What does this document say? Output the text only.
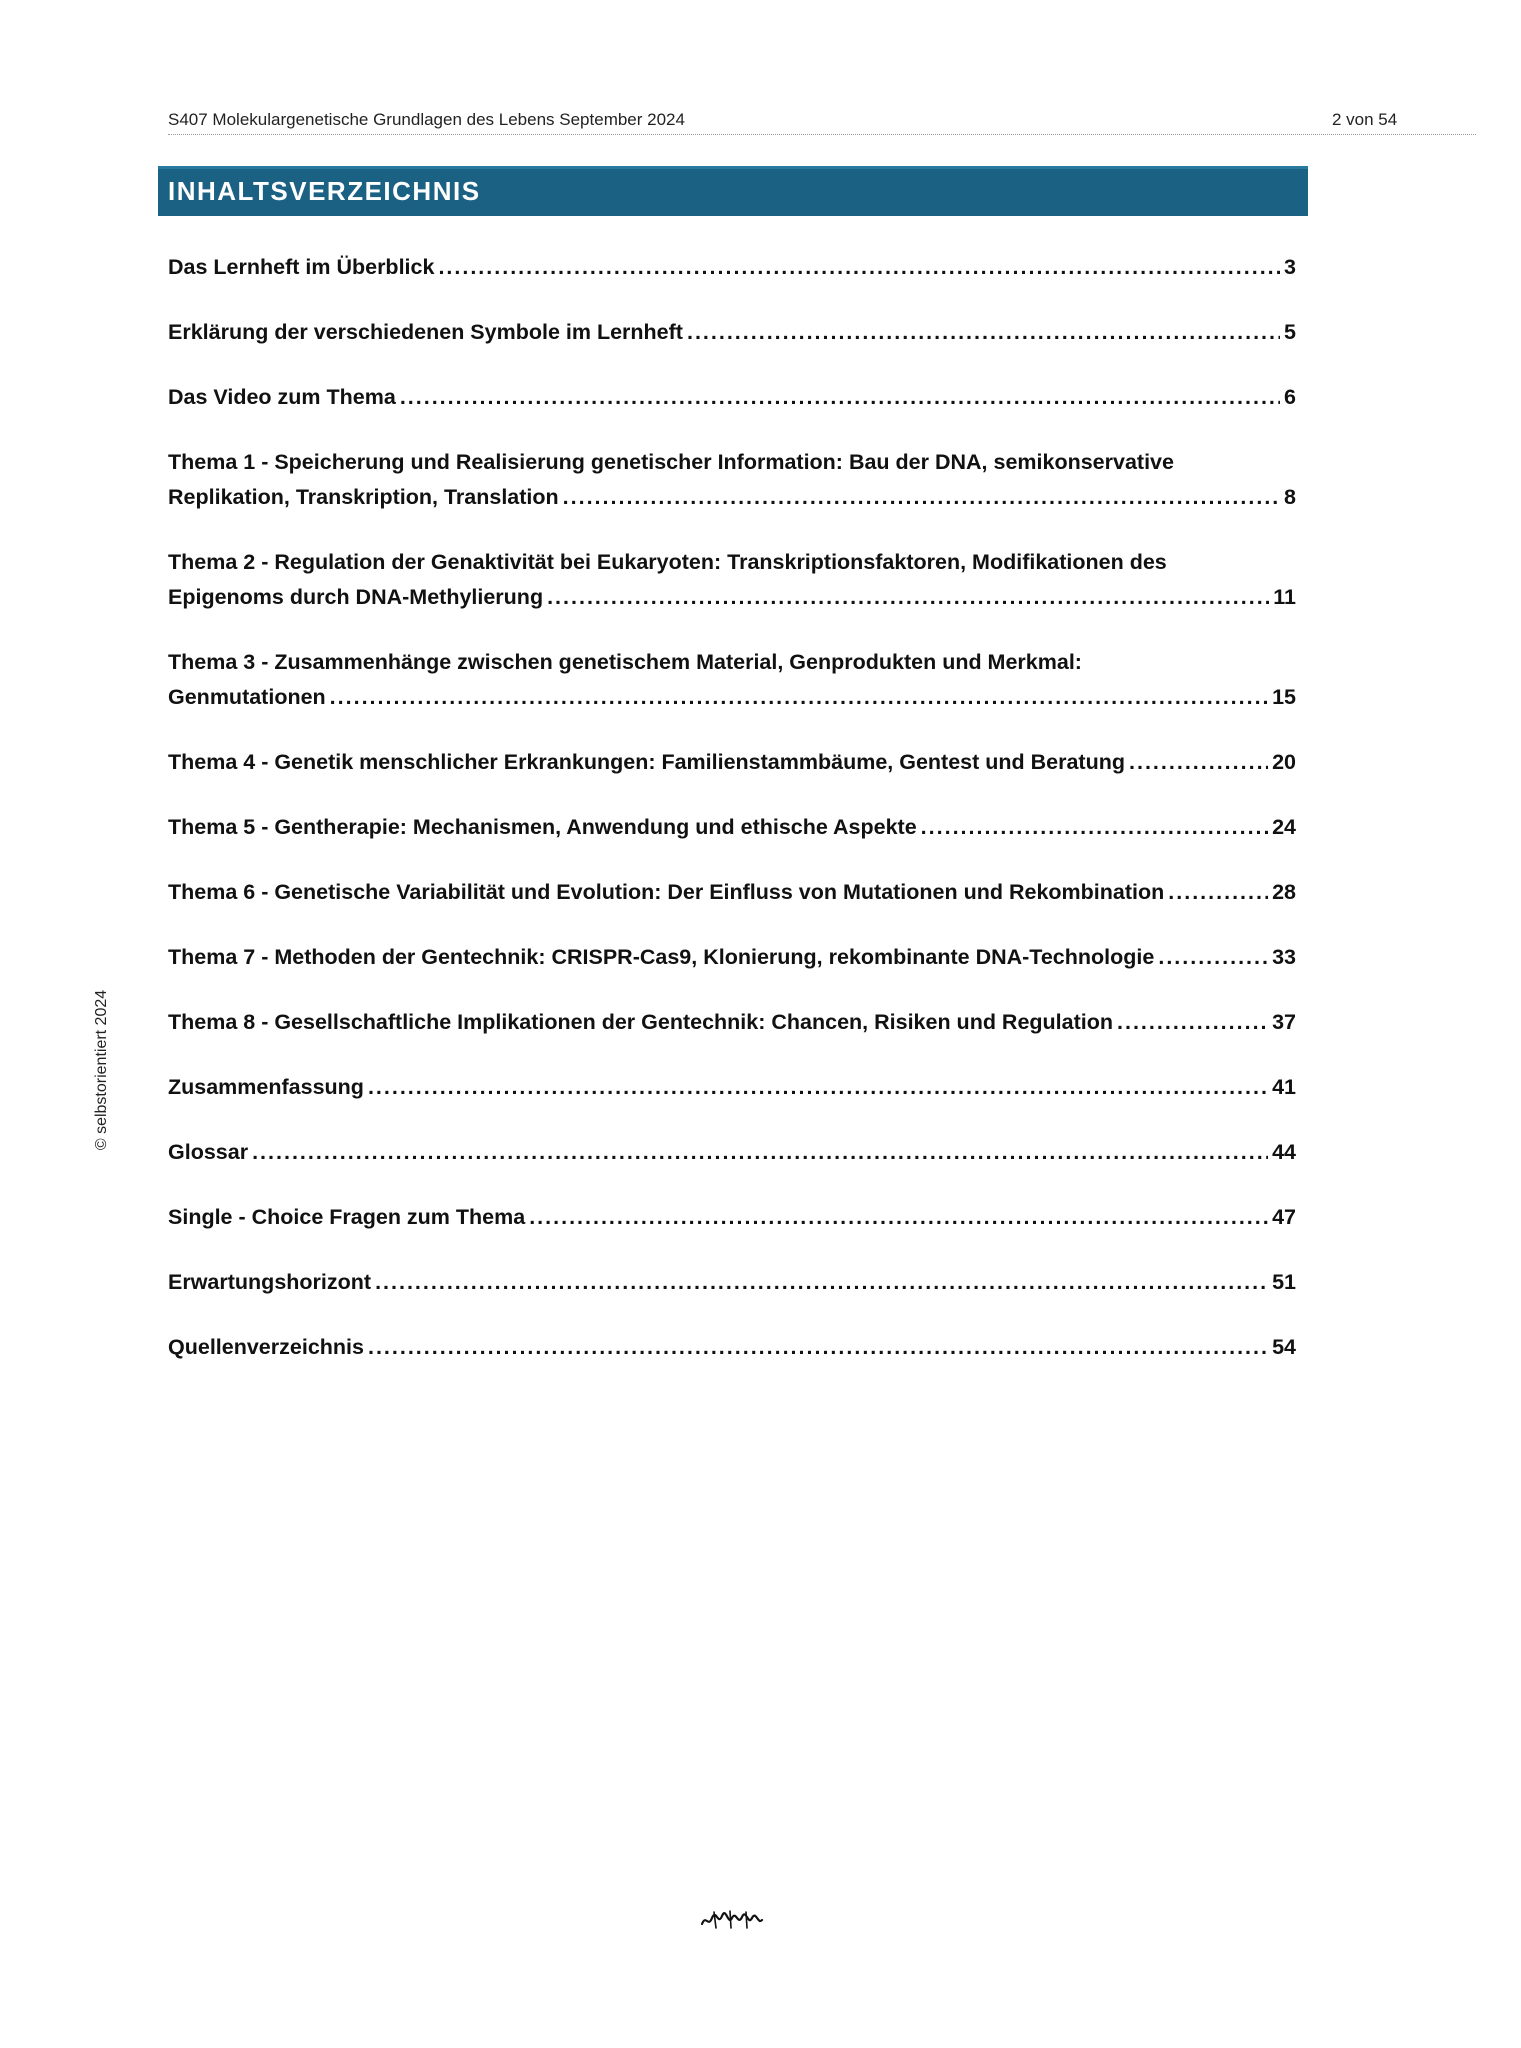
S407 Molekulargenetische Grundlagen des Lebens September 2024	2 von 54
INHALTSVERZEICHNIS
Das Lernheft im Überblick .....	3
Erklärung der verschiedenen Symbole im Lernheft .....	5
Das Video zum Thema .....	6
Thema 1 - Speicherung und Realisierung genetischer Information: Bau der DNA, semikonservative
Replikation, Transkription, Translation .....	8
Thema 2 - Regulation der Genaktivität bei Eukaryoten: Transkriptionsfaktoren, Modifikationen des
Epigenoms durch DNA-Methylierung .....	11
Thema 3 - Zusammenhänge zwischen genetischem Material, Genprodukten und Merkmal:
Genmutationen .....	15
Thema 4 - Genetik menschlicher Erkrankungen: Familienstammbäume, Gentest und Beratung .....	20
Thema 5 - Gentherapie: Mechanismen, Anwendung und ethische Aspekte .....	24
Thema 6 - Genetische Variabilität und Evolution: Der Einfluss von Mutationen und Rekombination .....	28
Thema 7 - Methoden der Gentechnik: CRISPR-Cas9, Klonierung, rekombinante DNA-Technologie .....	33
Thema 8 - Gesellschaftliche Implikationen der Gentechnik: Chancen, Risiken und Regulation .....	37
Zusammenfassung .....	41
Glossar .....	44
Single - Choice Fragen zum Thema .....	47
Erwartungshorizont .....	51
Quellenverzeichnis .....	54
© selbstorientiert 2024
